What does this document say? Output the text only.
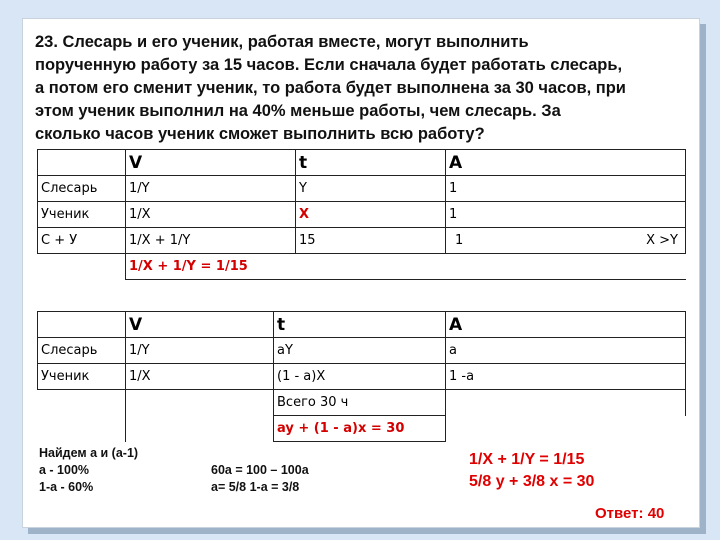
23. Слесарь и его ученик, работая вместе, могут выполнить
порученную работу за 15 часов. Если сначала будет работать слесарь,
а потом его сменит ученик, то работа будет выполнена за 30 часов, при
этом ученик выполнил на 40% меньше работы, чем слесарь. За
сколько часов ученик сможет выполнить всю работу?
	V	t	A
Слесарь	1/Y	Y	1
Ученик	1/X	X	1
С + У	1/X + 1/Y	15	1 X >Y

	1/X + 1/Y = 1/15		
	V	t	A
Слесарь	1/Y	aY	a
Ученик	1/X	(1 - a)X	1 -a
		Всего 30 ч	
		ay + (1 - a)x = 30	
Найдем а и (а-1)
а - 100%
1-а - 60%
60а = 100 – 100а
а= 5/8 1-а = 3/8
1/X + 1/Y = 1/15
5/8 y + 3/8 x = 30
Ответ: 40
